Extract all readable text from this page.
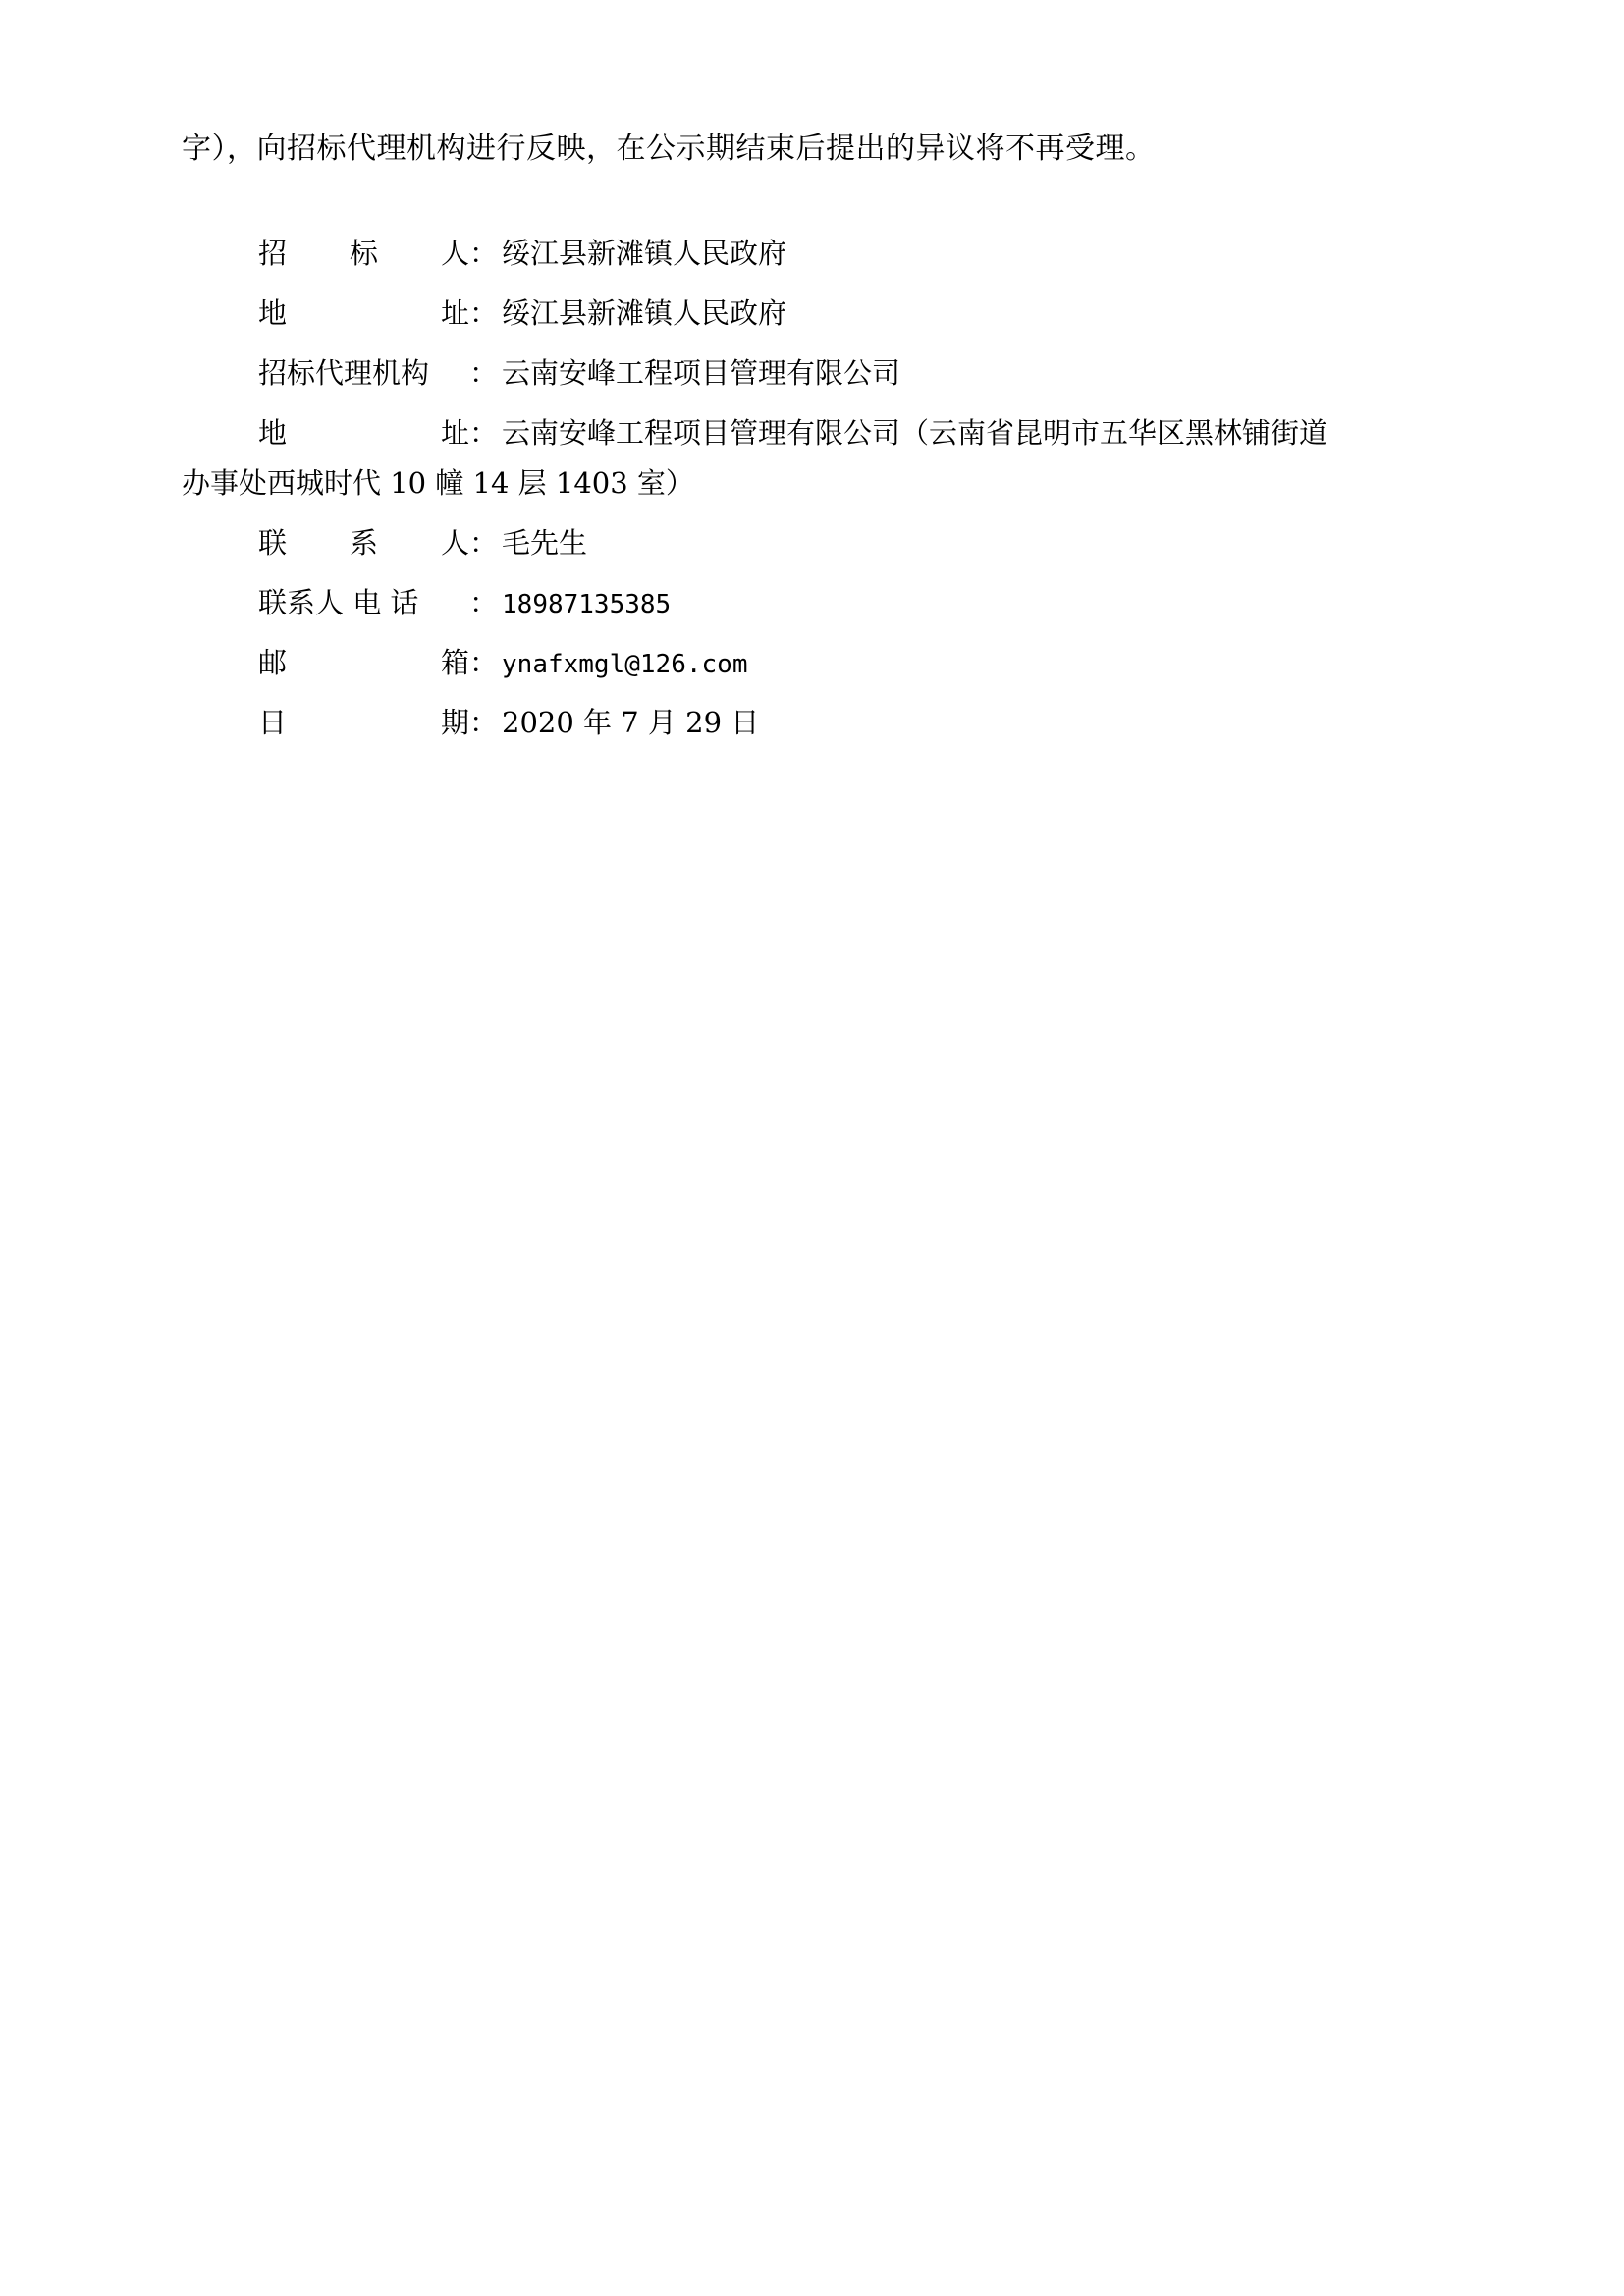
字），向招标代理机构进行反映，在公示期结束后提出的异议将不再受理。

招 标 人 ： 绥江县新滩镇人民政府
地	址 ： 绥江县新滩镇人民政府
招标代理机构	： 云南安峰工程项目管理有限公司
地	址 ： 云南安峰工程项目管理有限公司（云南省昆明市五华区黑林铺街道
办事处西城时代 10 幢 14 层 1403 室）
联 系 人 ： 毛先生
联系人 电 话	： 18987135385
邮	箱 ： ynafxmgl@126.com
日	期 ： 2020 年 7 月 29 日
